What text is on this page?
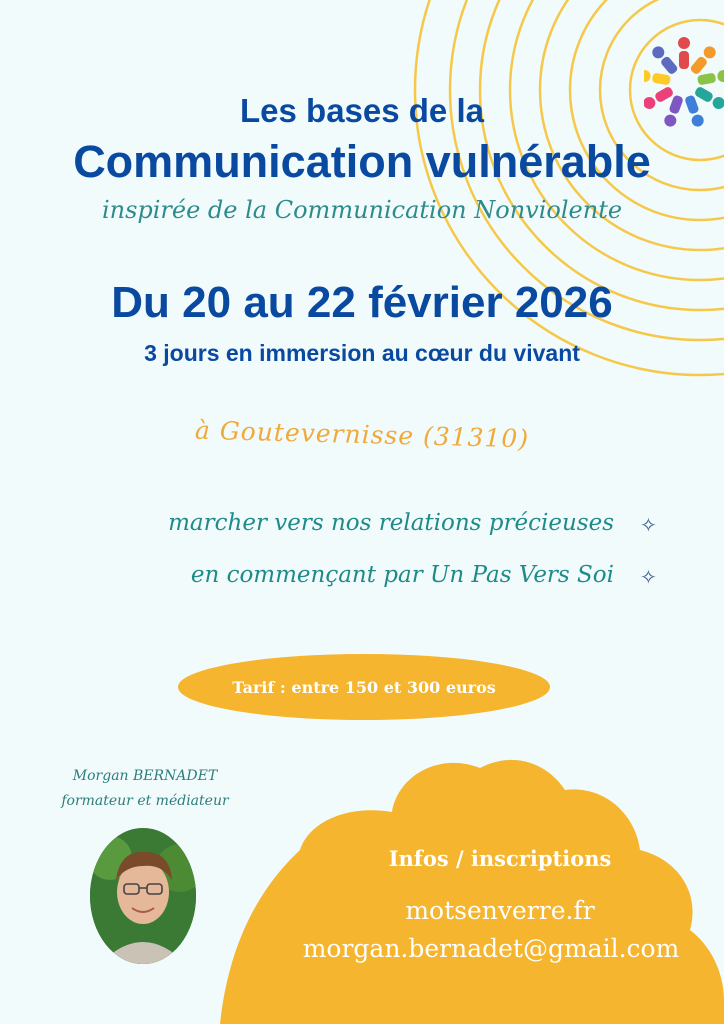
Les bases de la
Communication vulnérable
inspirée de la Communication Nonviolente
Du 20 au 22 février 2026
3 jours en immersion au cœur du vivant
à Goutevernisse (31310)
marcher vers nos relations précieuses ✧
en commençant par Un Pas Vers Soi ✧
Tarif : entre 150 et 300 euros
Morgan BERNADET
formateur et médiateur
Infos / inscriptions
motsenverre.fr
morgan.bernadet@gmail.com
